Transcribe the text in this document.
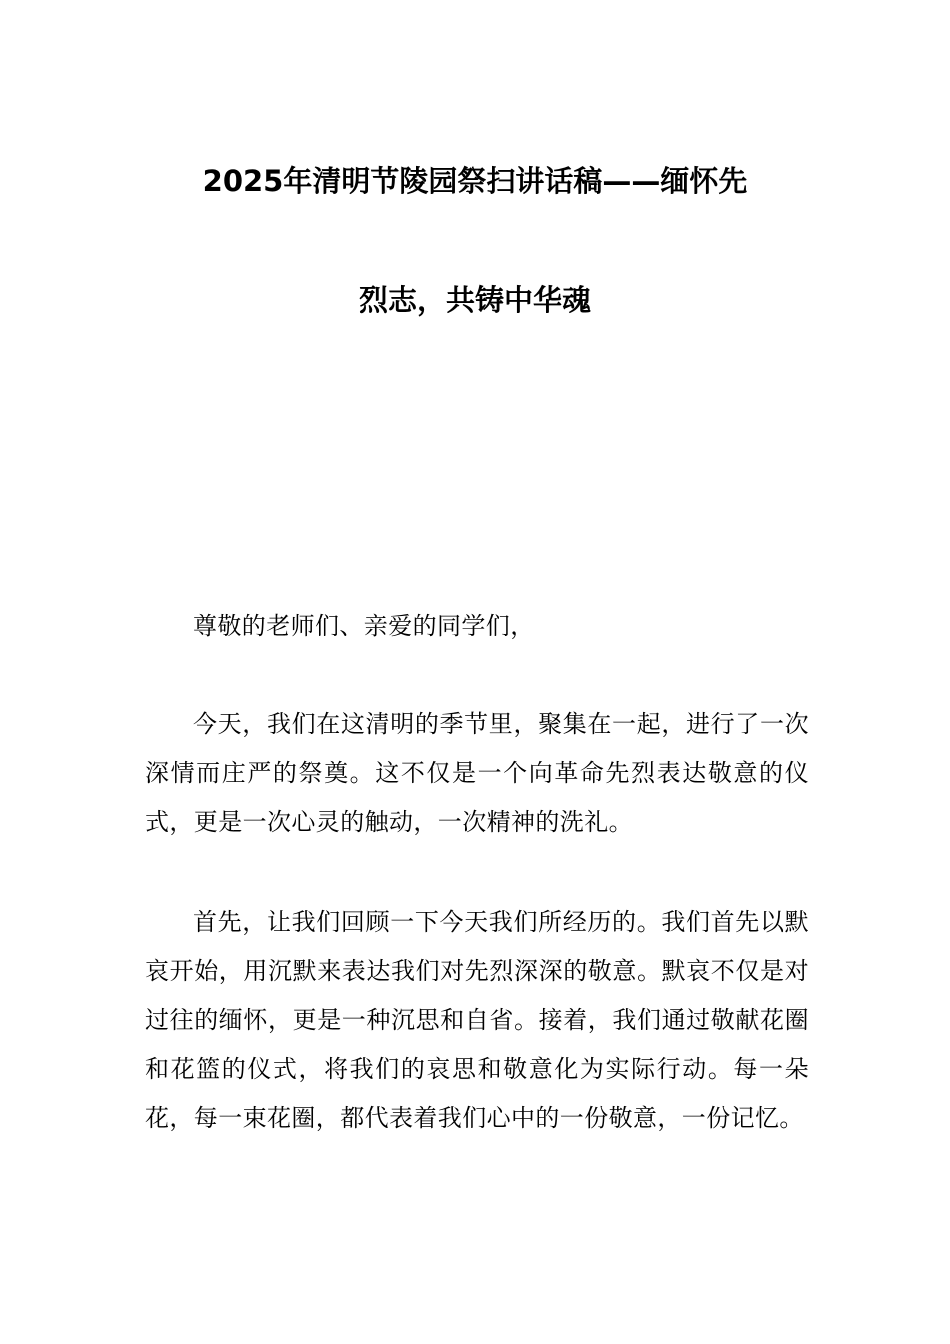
2025年清明节陵园祭扫讲话稿——缅怀先
烈志，共铸中华魂

尊敬的老师们、亲爱的同学们，

今天，我们在这清明的季节里，聚集在一起，进行了一次深情而庄严的祭奠。这不仅是一个向革命先烈表达敬意的仪式，更是一次心灵的触动，一次精神的洗礼。

首先，让我们回顾一下今天我们所经历的。我们首先以默哀开始，用沉默来表达我们对先烈深深的敬意。默哀不仅是对过往的缅怀，更是一种沉思和自省。接着，我们通过敬献花圈和花篮的仪式，将我们的哀思和敬意化为实际行动。每一朵花，每一束花圈，都代表着我们心中的一份敬意，一份记忆。
